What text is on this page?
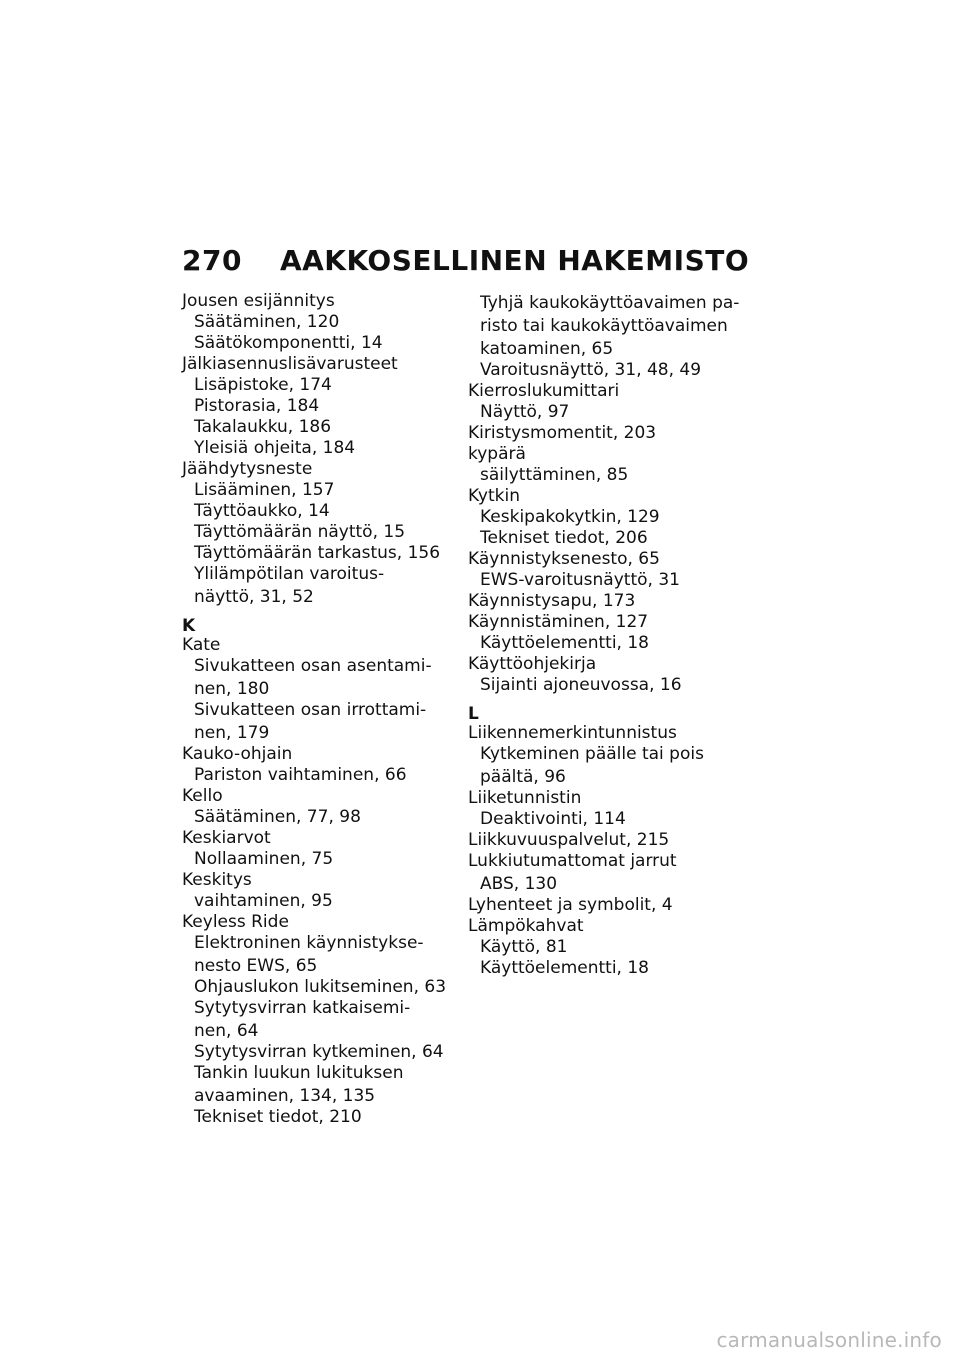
270 AAKKOSELLINEN HAKEMISTO
Jousen esijännitys
Säätäminen, 120
Säätökomponentti, 14
Jälkiasennuslisävarusteet
Lisäpistoke, 174
Pistorasia, 184
Takalaukku, 186
Yleisiä ohjeita, 184
Jäähdytysneste
Lisääminen, 157
Täyttöaukko, 14
Täyttömäärän näyttö, 15
Täyttömäärän tarkastus, 156
Ylilämpötilan varoitus-
näyttö, 31, 52
K
Kate
Sivukatteen osan asentami-
nen, 180
Sivukatteen osan irrottami-
nen, 179
Kauko-ohjain
Pariston vaihtaminen, 66
Kello
Säätäminen, 77, 98
Keskiarvot
Nollaaminen, 75
Keskitys
vaihtaminen, 95
Keyless Ride
Elektroninen käynnistykse-
nesto EWS, 65
Ohjauslukon lukitseminen, 63
Sytytysvirran katkaisemi-
nen, 64
Sytytysvirran kytkeminen, 64
Tankin luukun lukituksen
avaaminen, 134, 135
Tekniset tiedot, 210
Tyhjä kaukokäyttöavaimen pa-
risto tai kaukokäyttöavaimen
katoaminen, 65
Varoitusnäyttö, 31, 48, 49
Kierroslukumittari
Näyttö, 97
Kiristysmomentit, 203
kypärä
säilyttäminen, 85
Kytkin
Keskipakokytkin, 129
Tekniset tiedot, 206
Käynnistyksenesto, 65
EWS-varoitusnäyttö, 31
Käynnistysapu, 173
Käynnistäminen, 127
Käyttöelementti, 18
Käyttöohjekirja
Sijainti ajoneuvossa, 16
L
Liikennemerkintunnistus
Kytkeminen päälle tai pois
päältä, 96
Liiketunnistin
Deaktivointi, 114
Liikkuvuuspalvelut, 215
Lukkiutumattomat jarrut
ABS, 130
Lyhenteet ja symbolit, 4
Lämpökahvat
Käyttö, 81
Käyttöelementti, 18
carmanualsonline.info
